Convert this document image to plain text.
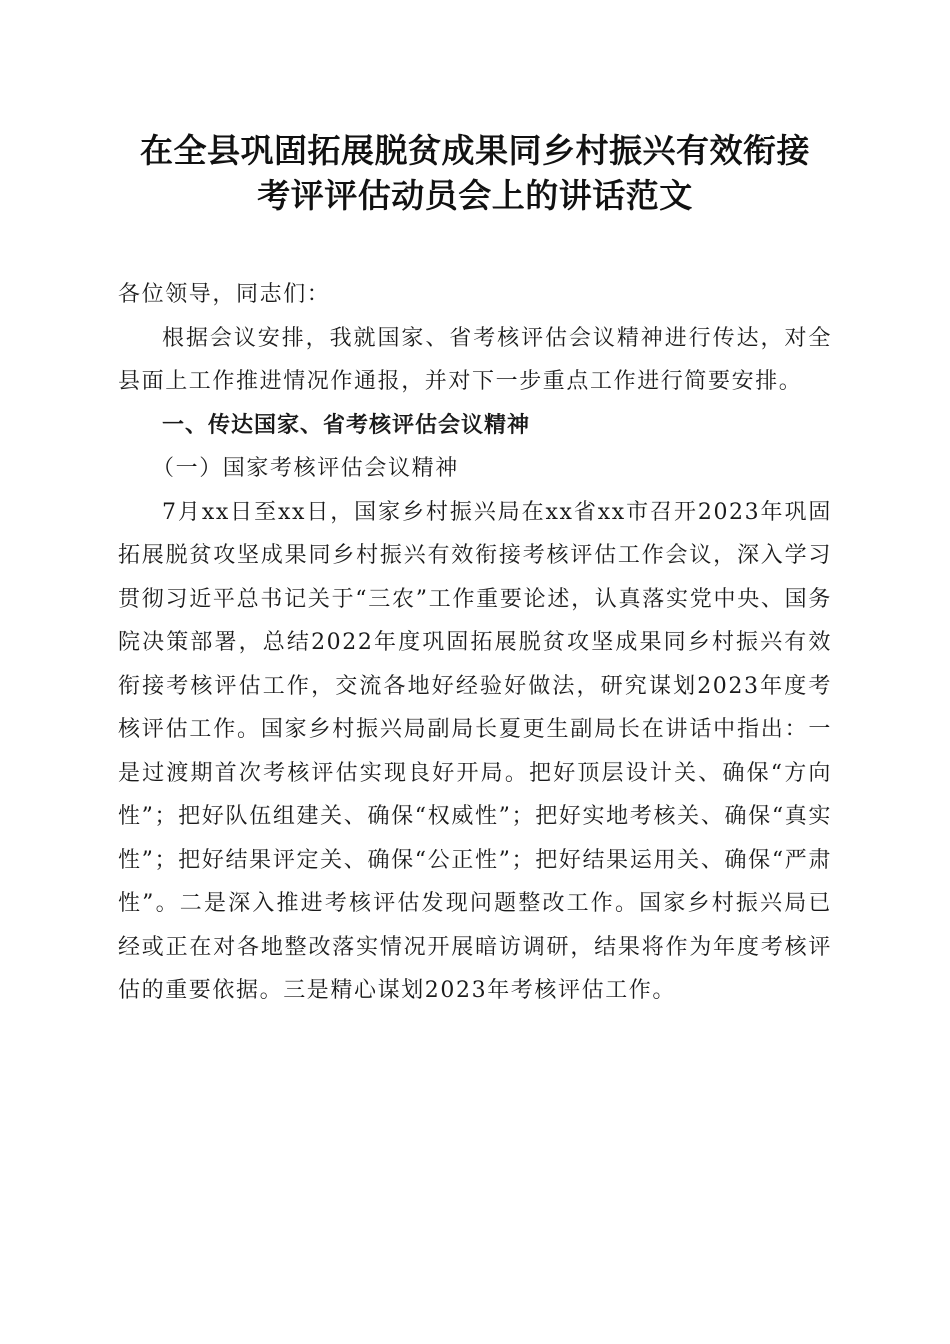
在全县巩固拓展脱贫成果同乡村振兴有效衔接
考评评估动员会上的讲话范文

各位领导，同志们：

根据会议安排，我就国家、省考核评估会议精神进行传达，对全县面上工作推进情况作通报，并对下一步重点工作进行简要安排。

一、传达国家、省考核评估会议精神

（一）国家考核评估会议精神

7月xx日至xx日，国家乡村振兴局在xx省xx市召开2023年巩固拓展脱贫攻坚成果同乡村振兴有效衔接考核评估工作会议，深入学习贯彻习近平总书记关于“三农”工作重要论述，认真落实党中央、国务院决策部署，总结2022年度巩固拓展脱贫攻坚成果同乡村振兴有效衔接考核评估工作，交流各地好经验好做法，研究谋划2023年度考核评估工作。国家乡村振兴局副局长夏更生副局长在讲话中指出：一是过渡期首次考核评估实现良好开局。把好顶层设计关、确保“方向性”；把好队伍组建关、确保“权威性”；把好实地考核关、确保“真实性”；把好结果评定关、确保“公正性”；把好结果运用关、确保“严肃性”。二是深入推进考核评估发现问题整改工作。国家乡村振兴局已经或正在对各地整改落实情况开展暗访调研，结果将作为年度考核评估的重要依据。三是精心谋划2023年考核评估工作。
